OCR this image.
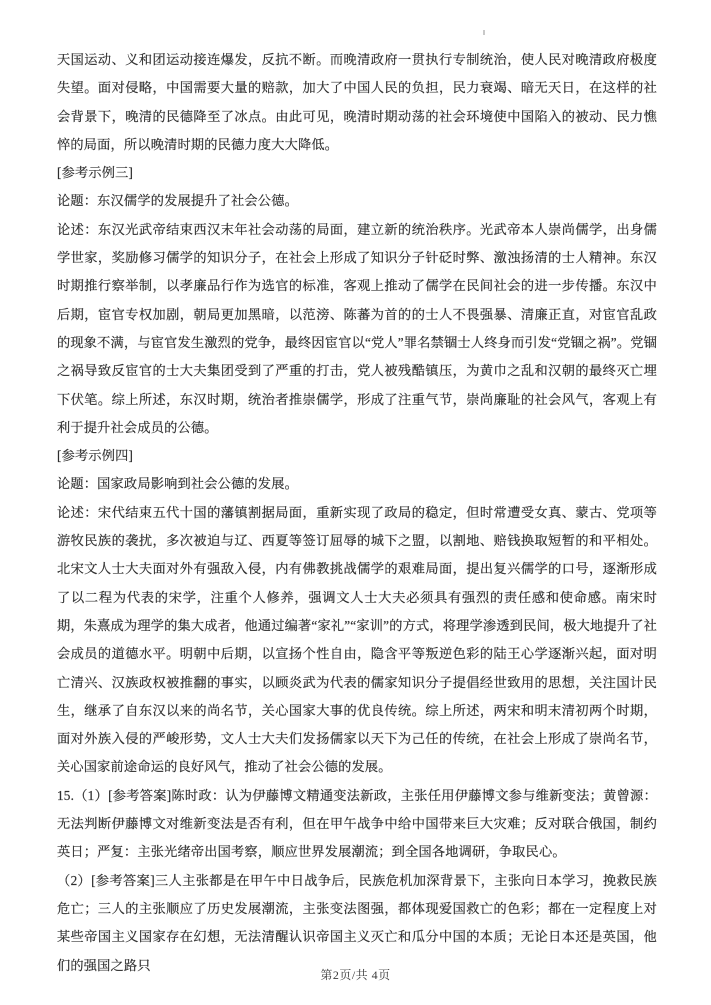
天国运动、义和团运动接连爆发，反抗不断。而晚清政府一贯执行专制统治，使人民对晚清政府极度失望。面对侵略，中国需要大量的赔款，加大了中国人民的负担，民力衰竭、暗无天日，在这样的社会背景下，晚清的民德降至了冰点。由此可见，晚清时期动荡的社会环境使中国陷入的被动、民力憔悴的局面，所以晚清时期的民德力度大大降低。

[参考示例三]

论题：东汉儒学的发展提升了社会公德。

论述：东汉光武帝结束西汉末年社会动荡的局面，建立新的统治秩序。光武帝本人崇尚儒学，出身儒学世家，奖励修习儒学的知识分子，在社会上形成了知识分子针砭时弊、激浊扬清的士人精神。东汉时期推行察举制，以孝廉品行作为选官的标准，客观上推动了儒学在民间社会的进一步传播。东汉中后期，宦官专权加剧，朝局更加黑暗，以范滂、陈蕃为首的的士人不畏强暴、清廉正直，对宦官乱政的现象不满，与宦官发生激烈的党争，最终因宦官以“党人”罪名禁锢士人终身而引发“党锢之祸”。党锢之祸导致反宦官的士大夫集团受到了严重的打击，党人被残酷镇压，为黄巾之乱和汉朝的最终灭亡埋下伏笔。综上所述，东汉时期，统治者推崇儒学，形成了注重气节，崇尚廉耻的社会风气，客观上有利于提升社会成员的公德。

[参考示例四]

论题：国家政局影响到社会公德的发展。

论述：宋代结束五代十国的藩镇割据局面，重新实现了政局的稳定，但时常遭受女真、蒙古、党项等游牧民族的袭扰，多次被迫与辽、西夏等签订屈辱的城下之盟，以割地、赔钱换取短暂的和平相处。北宋文人士大夫面对外有强敌入侵，内有佛教挑战儒学的艰难局面，提出复兴儒学的口号，逐渐形成了以二程为代表的宋学，注重个人修养，强调文人士大夫必须具有强烈的责任感和使命感。南宋时期，朱熹成为理学的集大成者，他通过编著“家礼”“家训”的方式，将理学渗透到民间，极大地提升了社会成员的道德水平。明朝中后期，以宣扬个性自由，隐含平等叛逆色彩的陆王心学逐渐兴起，面对明亡清兴、汉族政权被推翻的事实，以顾炎武为代表的儒家知识分子提倡经世致用的思想，关注国计民生，继承了自东汉以来的尚名节，关心国家大事的优良传统。综上所述，两宋和明末清初两个时期，面对外族入侵的严峻形势，文人士大夫们发扬儒家以天下为己任的传统，在社会上形成了崇尚名节，关心国家前途命运的良好风气，推动了社会公德的发展。

15.（1）[参考答案]陈时政：认为伊藤博文精通变法新政，主张任用伊藤博文参与维新变法；黄曾源：无法判断伊藤博文对维新变法是否有利，但在甲午战争中给中国带来巨大灾难；反对联合俄国，制约英日；严复：主张光绪帝出国考察，顺应世界发展潮流；到全国各地调研，争取民心。

（2）[参考答案]三人主张都是在甲午中日战争后，民族危机加深背景下，主张向日本学习，挽救民族危亡；三人的主张顺应了历史发展潮流，主张变法图强，都体现爱国救亡的色彩；都在一定程度上对某些帝国主义国家存在幻想，无法清醒认识帝国主义灭亡和瓜分中国的本质；无论日本还是英国，他们的强国之路只

第2页/共 4页
